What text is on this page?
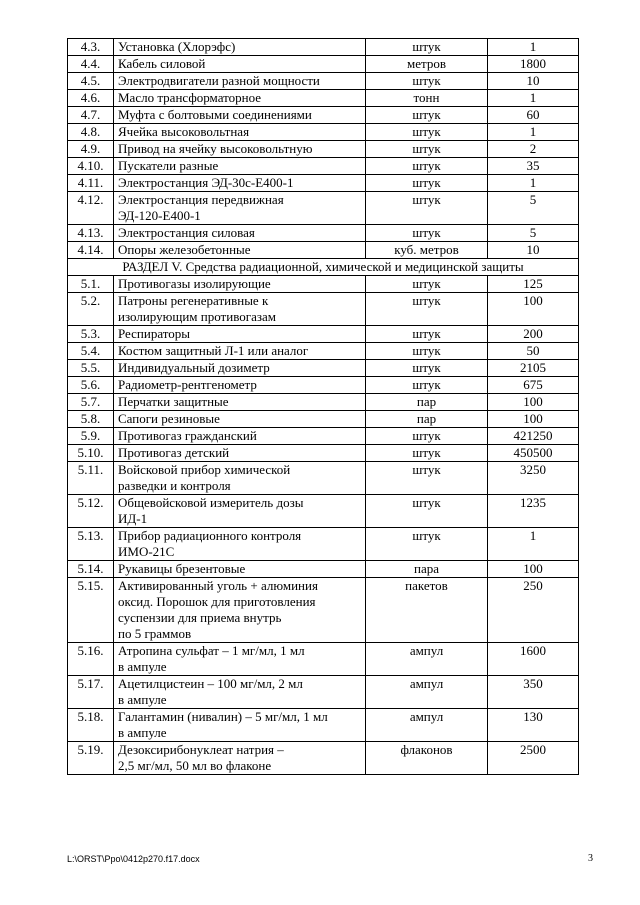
4.3.	Установка (Хлорэфс)	штук	1
4.4.	Кабель силовой	метров	1800
4.5.	Электродвигатели разной мощности	штук	10
4.6.	Масло трансформаторное	тонн	1
4.7.	Муфта с болтовыми соединениями	штук	60
4.8.	Ячейка высоковольтная	штук	1
4.9.	Привод на ячейку высоковольтную	штук	2
4.10.	Пускатели разные	штук	35
4.11.	Электростанция ЭД-30с-Е400-1	штук	1
4.12.	Электростанция передвижная
ЭД-120-Е400-1	штук	5
4.13.	Электростанция силовая	штук	5
4.14.	Опоры железобетонные	куб. метров	10
РАЗДЕЛ V. Средства радиационной, химической и медицинской защиты			
5.1.	Противогазы изолирующие	штук	125
5.2.	Патроны регенеративные к
изолирующим противогазам	штук	100
5.3.	Респираторы	штук	200
5.4.	Костюм защитный Л-1 или аналог	штук	50
5.5.	Индивидуальный дозиметр	штук	2105
5.6.	Радиометр-рентгенометр	штук	675
5.7.	Перчатки защитные	пар	100
5.8.	Сапоги резиновые	пар	100
5.9.	Противогаз гражданский	штук	421250
5.10.	Противогаз детский	штук	450500
5.11.	Войсковой прибор химической
разведки и контроля	штук	3250
5.12.	Общевойсковой измеритель дозы
ИД-1	штук	1235
5.13.	Прибор радиационного контроля
ИМО-21С	штук	1
5.14.	Рукавицы брезентовые	пара	100
5.15.	Активированный уголь + алюминия
оксид. Порошок для приготовления
суспензии для приема внутрь
по 5 граммов	пакетов	250
5.16.	Атропина сульфат – 1 мг/мл, 1 мл
в ампуле	ампул	1600
5.17.	Ацетилцистеин – 100 мг/мл, 2 мл
в ампуле	ампул	350
5.18.	Галантамин (нивалин) – 5 мг/мл, 1 мл
в ампуле	ампул	130
5.19.	Дезоксирибонуклеат натрия –
2,5 мг/мл, 50 мл во флаконе	флаконов	2500
L:\ORST\Ppo\0412p270.f17.docx	3
